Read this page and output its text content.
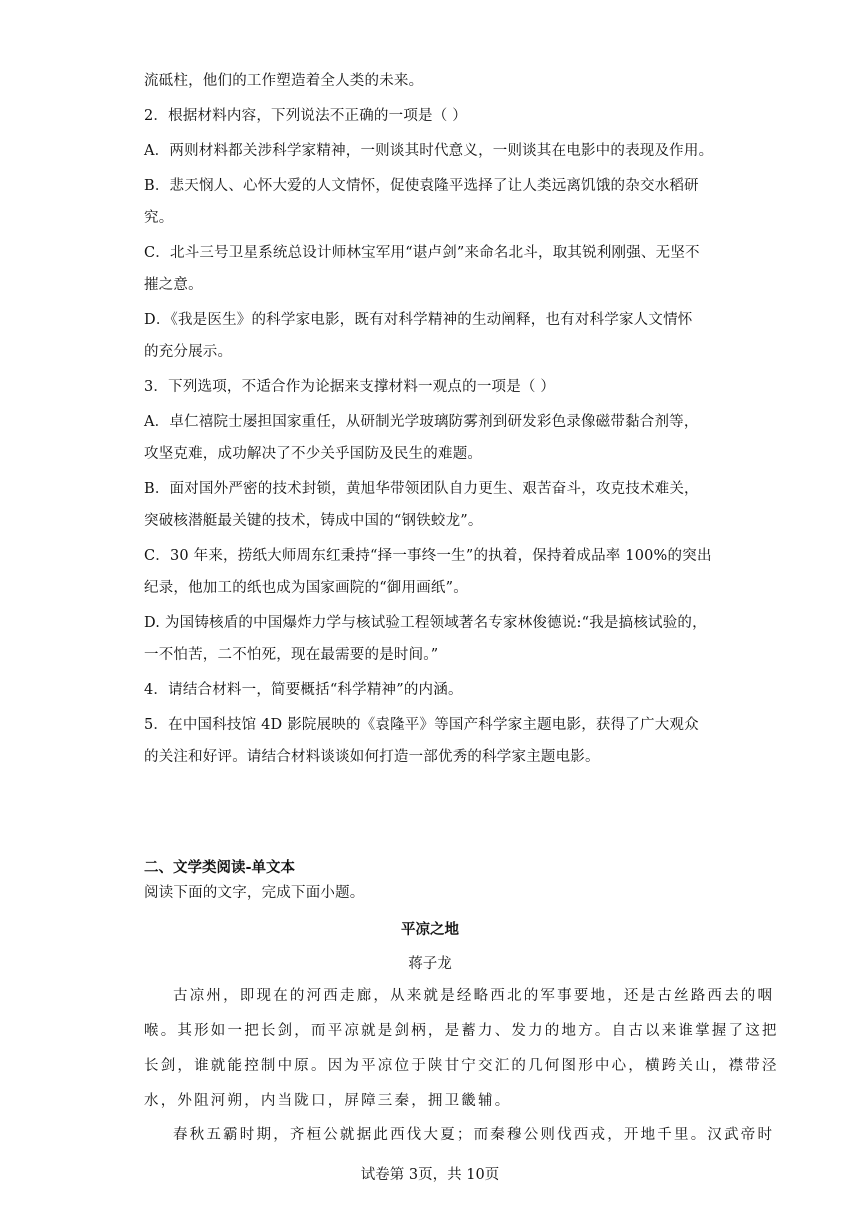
流砥柱，他们的工作塑造着全人类的未来。
2．根据材料内容，下列说法不正确的一项是（ ）
A．两则材料都关涉科学家精神，一则谈其时代意义，一则谈其在电影中的表现及作用。
B．悲天悯人、心怀大爱的人文情怀，促使袁隆平选择了让人类远离饥饿的杂交水稻研
究。
C．北斗三号卫星系统总设计师林宝军用“谌卢剑”来命名北斗，取其锐利刚强、无坚不
摧之意。
D．《我是医生》的科学家电影，既有对科学精神的生动阐释，也有对科学家人文情怀
的充分展示。
3．下列选项，不适合作为论据来支撑材料一观点的一项是（ ）
A．卓仁禧院士屡担国家重任，从研制光学玻璃防雾剂到研发彩色录像磁带黏合剂等，
攻坚克难，成功解决了不少关乎国防及民生的难题。
B．面对国外严密的技术封锁，黄旭华带领团队自力更生、艰苦奋斗，攻克技术难关，
突破核潜艇最关键的技术，铸成中国的“钢铁蛟龙”。
C．30 年来，捞纸大师周东红秉持“择一事终一生”的执着，保持着成品率 100%的突出
纪录，他加工的纸也成为国家画院的“御用画纸”。
D. 为国铸核盾的中国爆炸力学与核试验工程领域著名专家林俊德说:“我是搞核试验的，
一不怕苦，二不怕死，现在最需要的是时间。”
4．请结合材料一，简要概括“科学精神”的内涵。
5．在中国科技馆 4D 影院展映的《袁隆平》等国产科学家主题电影，获得了广大观众
的关注和好评。请结合材料谈谈如何打造一部优秀的科学家主题电影。
二、文学类阅读-单文本
阅读下面的文字，完成下面小题。
平凉之地
蒋子龙
古凉州，即现在的河西走廊，从来就是经略西北的军事要地，还是古丝路西去的咽
喉。其形如一把长剑，而平凉就是剑柄，是蓄力、发力的地方。自古以来谁掌握了这把
长剑，谁就能控制中原。因为平凉位于陕甘宁交汇的几何图形中心，横跨关山，襟带泾
水，外阻河朔，内当陇口，屏障三秦，拥卫畿辅。
春秋五霸时期，齐桓公就据此西伐大夏；而秦穆公则伐西戎，开地千里。汉武帝时
试卷第 3页，共 10页
